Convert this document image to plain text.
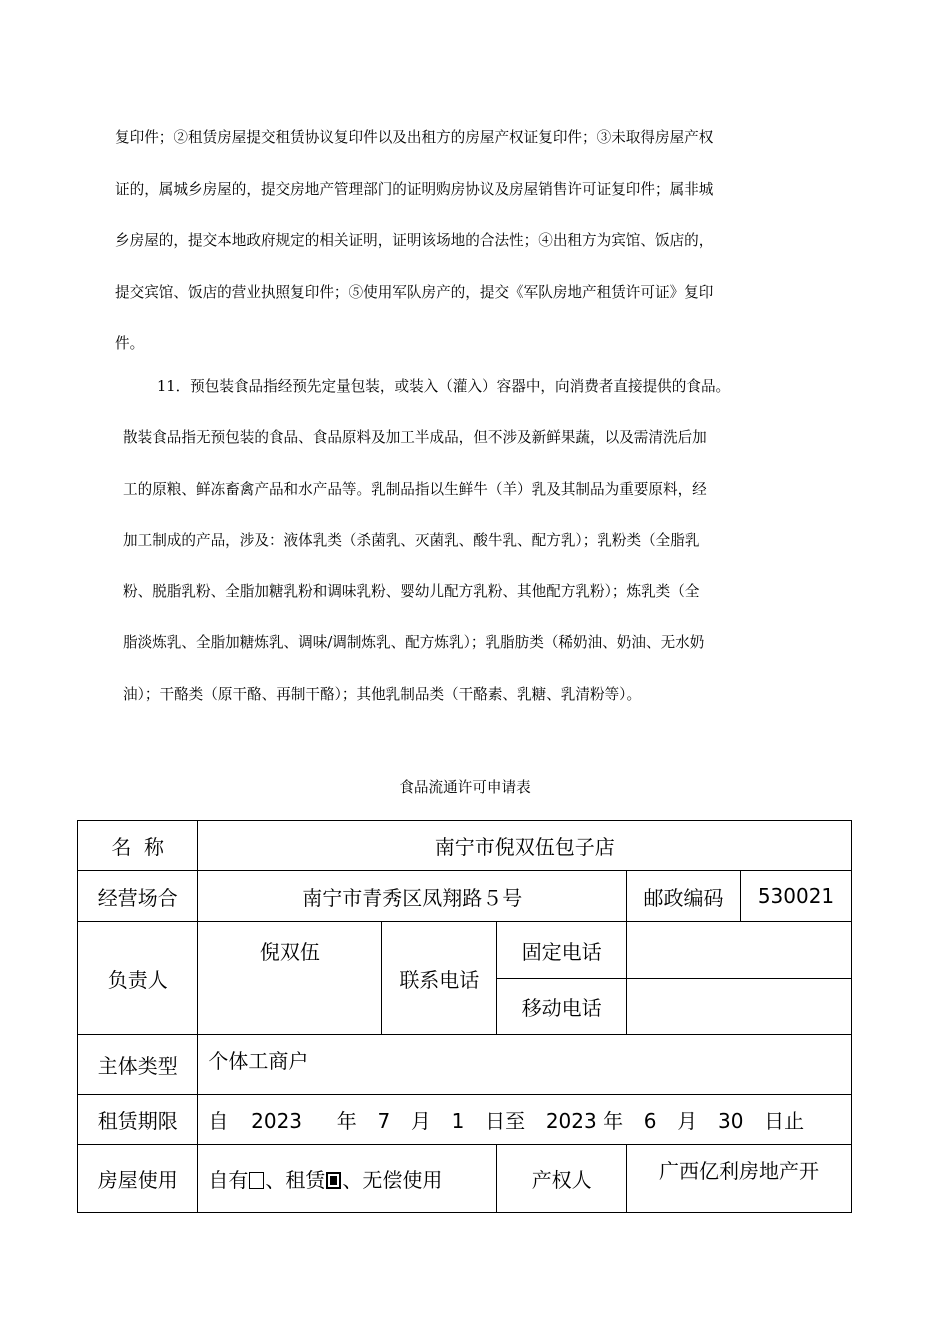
复印件；②租赁房屋提交租赁协议复印件以及出租方的房屋产权证复印件；③未取得房屋产权
证的，属城乡房屋的，提交房地产管理部门的证明购房协议及房屋销售许可证复印件；属非城
乡房屋的，提交本地政府规定的相关证明，证明该场地的合法性；④出租方为宾馆、饭店的，
提交宾馆、饭店的营业执照复印件；⑤使用军队房产的，提交《军队房地产租赁许可证》复印
件。
11．预包装食品指经预先定量包装，或装入（灌入）容器中，向消费者直接提供的食品。
散装食品指无预包装的食品、食品原料及加工半成品，但不涉及新鲜果蔬，以及需清洗后加
工的原粮、鲜冻畜禽产品和水产品等。乳制品指以生鲜牛（羊）乳及其制品为重要原料，经
加工制成的产品，涉及：液体乳类（杀菌乳、灭菌乳、酸牛乳、配方乳）；乳粉类（全脂乳
粉、脱脂乳粉、全脂加糖乳粉和调味乳粉、婴幼儿配方乳粉、其他配方乳粉）；炼乳类（全
脂淡炼乳、全脂加糖炼乳、调味/调制炼乳、配方炼乳）；乳脂肪类（稀奶油、奶油、无水奶
油）；干酪类（原干酪、再制干酪）；其他乳制品类（干酪素、乳糖、乳清粉等）。
食品流通许可申请表
名  称	南宁市倪双伍包子店				
经营场合	南宁市青秀区凤翔路５号			邮政编码	530021
负责人	倪双伍	联系电话	固定电话		
			移动电话		
主体类型	个体工商户				
租赁期限	自 2023 年 7 月 1 日至 2023 年 6 月 30 日止				
房屋使用	自有 、租赁 、无偿使用		产权人	广西亿利房地产开	
